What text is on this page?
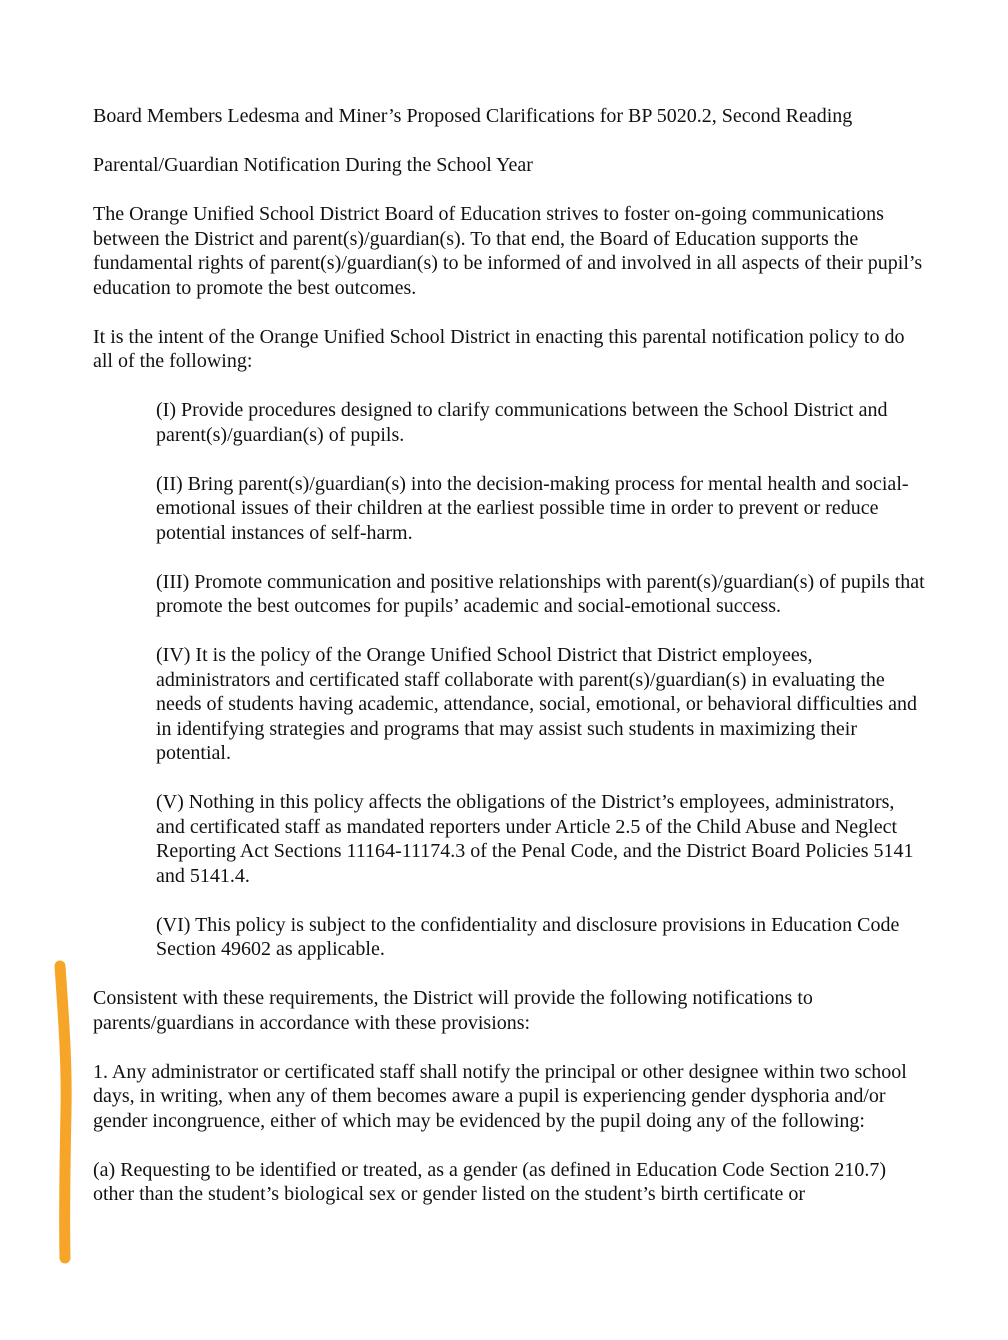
Board Members Ledesma and Miner’s Proposed Clarifications for BP 5020.2, Second Reading

Parental/Guardian Notification During the School Year

The Orange Unified School District Board of Education strives to foster on-going communications between the District and parent(s)/guardian(s). To that end, the Board of Education supports the fundamental rights of parent(s)/guardian(s) to be informed of and involved in all aspects of their pupil’s education to promote the best outcomes.

It is the intent of the Orange Unified School District in enacting this parental notification policy to do all of the following:

(I) Provide procedures designed to clarify communications between the School District and parent(s)/guardian(s) of pupils.

(II) Bring parent(s)/guardian(s) into the decision-making process for mental health and social-emotional issues of their children at the earliest possible time in order to prevent or reduce potential instances of self-harm.

(III) Promote communication and positive relationships with parent(s)/guardian(s) of pupils that promote the best outcomes for pupils’ academic and social-emotional success.

(IV) It is the policy of the Orange Unified School District that District employees, administrators and certificated staff collaborate with parent(s)/guardian(s) in evaluating the needs of students having academic, attendance, social, emotional, or behavioral difficulties and in identifying strategies and programs that may assist such students in maximizing their potential.

(V) Nothing in this policy affects the obligations of the District’s employees, administrators, and certificated staff as mandated reporters under Article 2.5 of the Child Abuse and Neglect Reporting Act Sections 11164-11174.3 of the Penal Code, and the District Board Policies 5141 and 5141.4.

(VI) This policy is subject to the confidentiality and disclosure provisions in Education Code Section 49602 as applicable.

Consistent with these requirements, the District will provide the following notifications to parents/guardians in accordance with these provisions:

1. Any administrator or certificated staff shall notify the principal or other designee within two school days, in writing, when any of them becomes aware a pupil is experiencing gender dysphoria and/or gender incongruence, either of which may be evidenced by the pupil doing any of the following:

(a) Requesting to be identified or treated, as a gender (as defined in Education Code Section 210.7) other than the student’s biological sex or gender listed on the student’s birth certificate or
